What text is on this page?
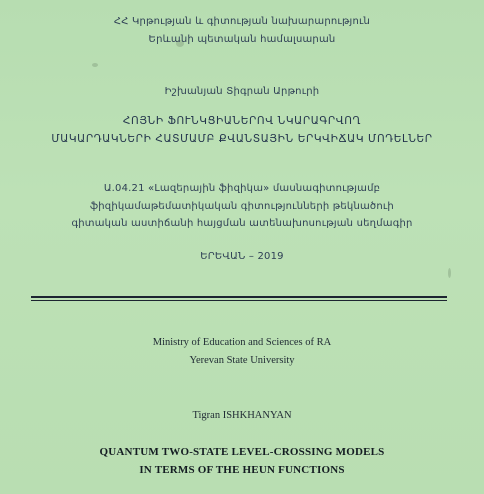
ՀՀ Կրթության և գիտության նախարարություն

Երևանի պետական համալսարան

Իշխանյան Տիգրան Արթուրի

ՀՈՅՆԻ ՖՈՒՆԿՑԻԱՆԵՐՈՎ ՆԿԱՐԱԳՐՎՈՂ

ՄԱԿԱՐԴԱԿՆԵՐԻ ՀԱՏՄԱՄԲ ՔՎԱՆՏԱՅԻՆ ԵՐԿՎԻՃԱԿ ՄՈԴԵԼՆԵՐ

Ա.04.21 «Լազերային ֆիզիկա» մասնագիտությամբ

ֆիզիկամաթեմատիկական գիտությունների թեկնածուի

գիտական աստիճանի հայցման ատենախոսության սեղմագիր

ԵՐԵՎԱՆ – 2019

Ministry of Education and Sciences of RA

Yerevan State University

Tigran ISHKHANYAN

QUANTUM TWO-STATE LEVEL-CROSSING MODELS

IN TERMS OF THE HEUN FUNCTIONS
